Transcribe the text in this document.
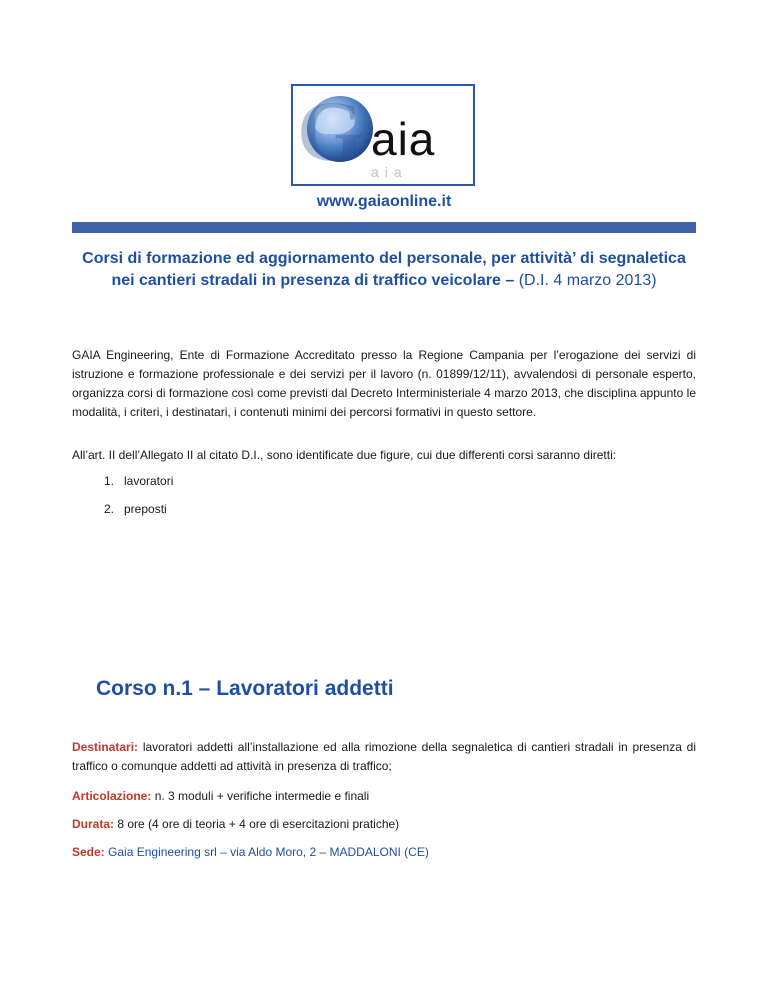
G aia
aia
www.gaiaonline.it
Corsi di formazione ed aggiornamento del personale, per attività’ di segnaletica nei cantieri stradali in presenza di traffico veicolare – (D.I. 4 marzo 2013)

GAIA Engineering, Ente di Formazione Accreditato presso la Regione Campania per l’erogazione dei servizi di istruzione e formazione professionale e dei servizi per il lavoro (n. 01899/12/11), avvalendosi di personale esperto, organizza corsi di formazione così come previsti dal Decreto Interministeriale 4 marzo 2013, che disciplina appunto le modalità, i criteri, i destinatari, i contenuti minimi dei percorsi formativi in questo settore.

All’art. II dell’Allegato II al citato D.I., sono identificate due figure, cui due differenti corsi saranno diretti:

1. lavoratori
2. preposti
Corso n.1 – Lavoratori addetti

Destinatari: lavoratori addetti all’installazione ed alla rimozione della segnaletica di cantieri stradali in presenza di traffico o comunque addetti ad attività in presenza di traffico;

Articolazione: n. 3 moduli + verifiche intermedie e finali
Durata: 8 ore (4 ore di teoria + 4 ore di esercitazioni pratiche)
Sede: Gaia Engineering srl – via Aldo Moro, 2 – MADDALONI (CE)
